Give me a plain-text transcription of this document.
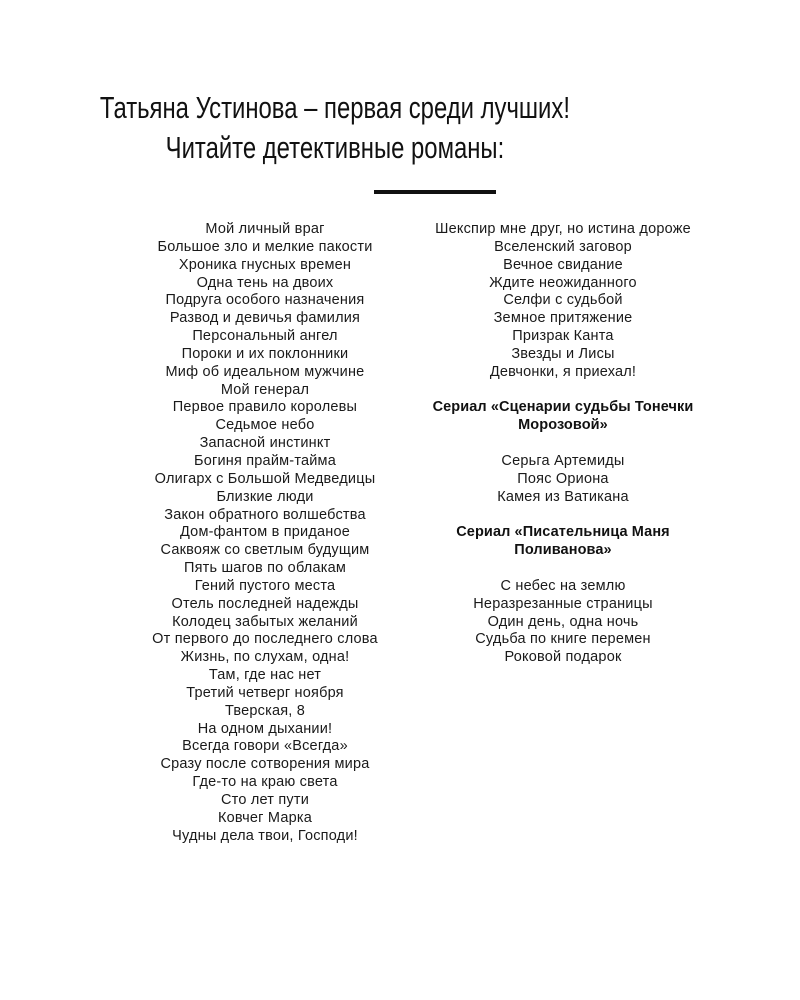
Татьяна Устинова – первая среди лучших!
Читайте детективные романы:
Мой личный враг
Большое зло и мелкие пакости
Хроника гнусных времен
Одна тень на двоих
Подруга особого назначения
Развод и девичья фамилия
Персональный ангел
Пороки и их поклонники
Миф об идеальном мужчине
Мой генерал
Первое правило королевы
Седьмое небо
Запасной инстинкт
Богиня прайм-тайма
Олигарх с Большой Медведицы
Близкие люди
Закон обратного волшебства
Дом-фантом в приданое
Саквояж со светлым будущим
Пять шагов по облакам
Гений пустого места
Отель последней надежды
Колодец забытых желаний
От первого до последнего слова
Жизнь, по слухам, одна!
Там, где нас нет
Третий четверг ноября
Тверская, 8
На одном дыхании!
Всегда говори «Всегда»
Сразу после сотворения мира
Где-то на краю света
Сто лет пути
Ковчег Марка
Чудны дела твои, Господи!
Шекспир мне друг, но истина дороже
Вселенский заговор
Вечное свидание
Ждите неожиданного
Селфи с судьбой
Земное притяжение
Призрак Канта
Звезды и Лисы
Девчонки, я приехал!
Сериал «Сценарии судьбы Тонечки Морозовой»
Серьга Артемиды
Пояс Ориона
Камея из Ватикана
Сериал «Писательница Маня Поливанова»
С небес на землю
Неразрезанные страницы
Один день, одна ночь
Судьба по книге перемен
Роковой подарок
